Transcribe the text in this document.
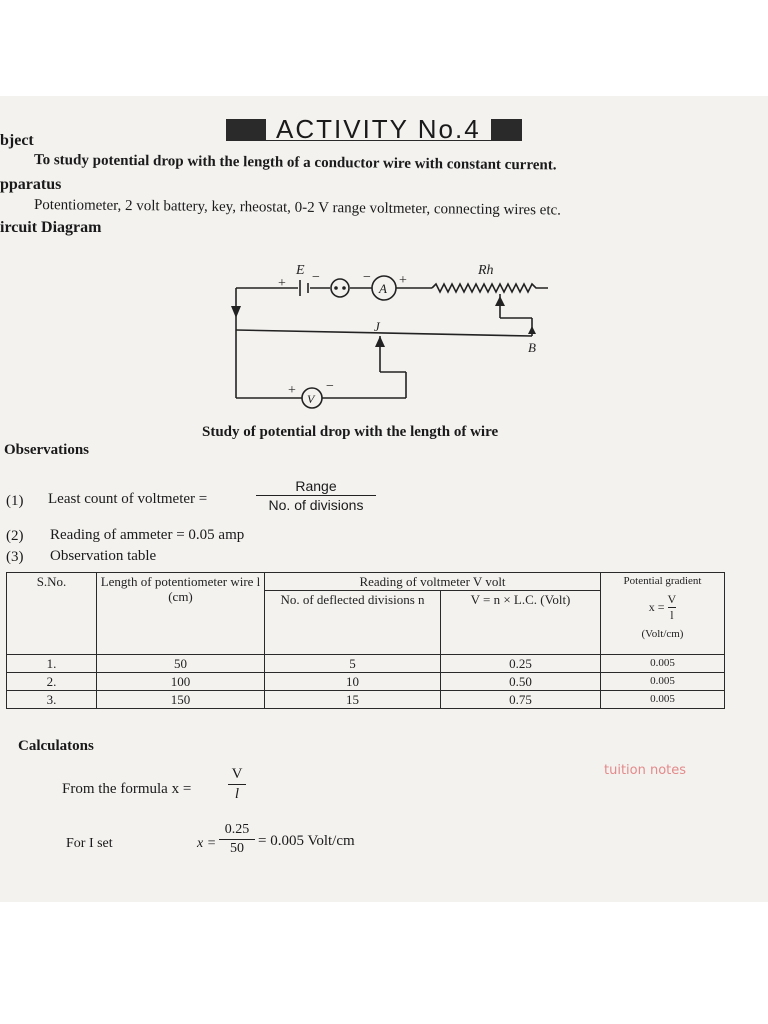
ACTIVITY No.4
bject
To study potential drop with the length of a conductor wire with constant current.
pparatus
Potentiometer, 2 volt battery, key, rheostat, 0-2 V range voltmeter, connecting wires etc.
ircuit Diagram
E
+ −	− +
A
Rh
J
B
+ −
V
Study of potential drop with the length of wire
Observations
(1) Least count of voltmeter =
Range
No. of divisions
(2) Reading of ammeter = 0.05 amp
(3) Observation table
S.No.	Length of potentiometer wire l (cm)	Reading of voltmeter V volt		Potential gradient
$x = \frac{V}{l}$
(Volt/cm)

		No. of deflected divisions n	V = n × L.C. (Volt)	
1.	50	5	0.25	0.005
2.	100	10	0.50	0.005
3.	150	15	0.75	0.005
Calculatons
From the formula x =
V
l
For I set	x =
0.25
50 = 0.005 Volt/cm
tuition notes
